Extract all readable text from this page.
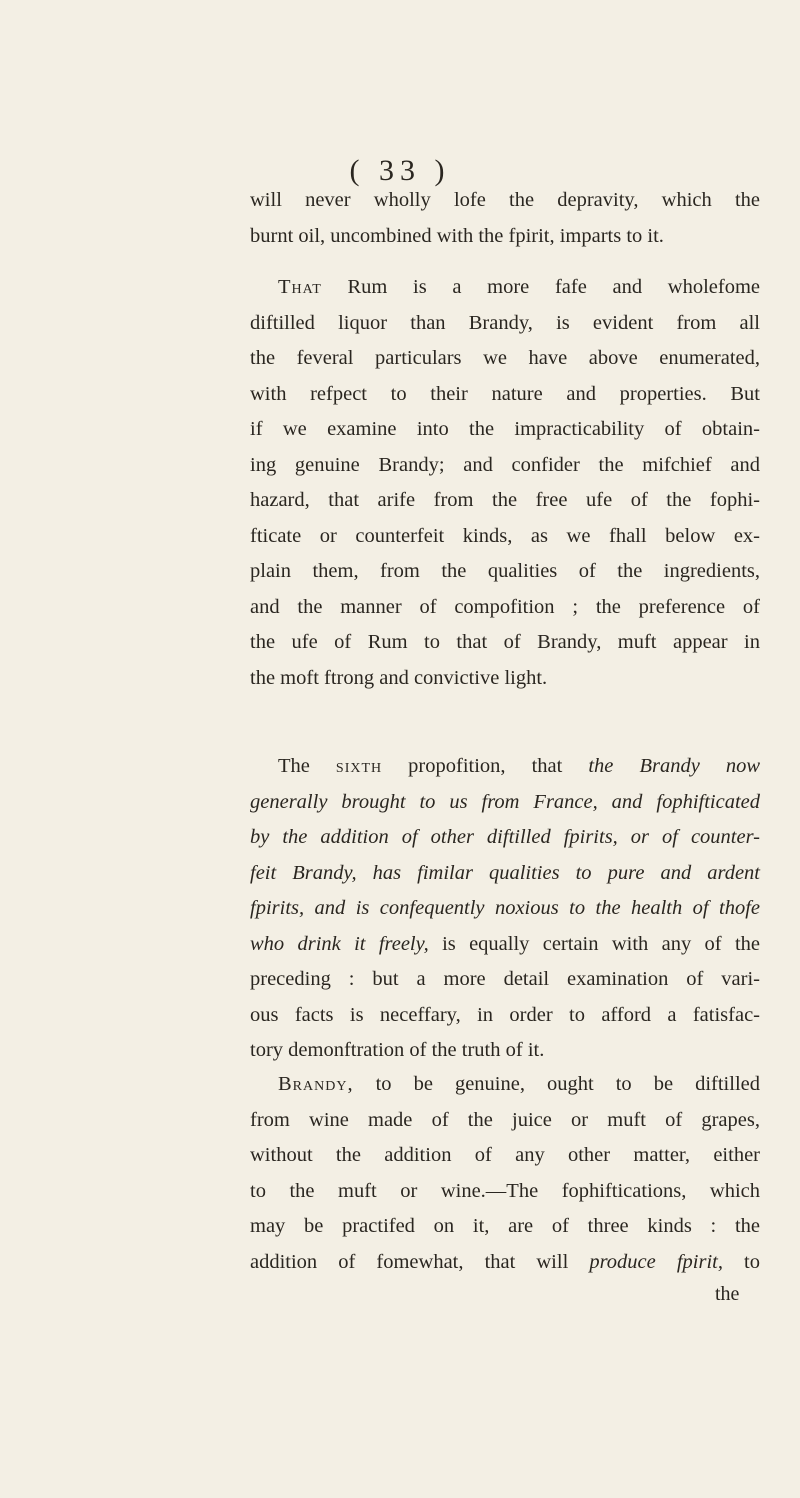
( 33 )
will never wholly lofe the depravity, which the
burnt oil, uncombined with the fpirit, imparts to it.
That Rum is a more fafe and wholefome
diftilled liquor than Brandy, is evident from all
the feveral particulars we have above enumerated,
with refpect to their nature and properties. But
if we examine into the impracticability of obtain-
ing genuine Brandy; and confider the mifchief and
hazard, that arife from the free ufe of the fophi-
fticate or counterfeit kinds, as we fhall below ex-
plain them, from the qualities of the ingredients,
and the manner of compofition ; the preference of
the ufe of Rum to that of Brandy, muft appear in
the moft ftrong and convictive light.
The sixth propofition, that the Brandy now
generally brought to us from France, and fophifticated
by the addition of other diftilled fpirits, or of counter-
feit Brandy, has fimilar qualities to pure and ardent
fpirits, and is confequently noxious to the health of thofe
who drink it freely, is equally certain with any of the
preceding : but a more detail examination of vari-
ous facts is neceffary, in order to afford a fatisfac-
tory demonftration of the truth of it.
Brandy, to be genuine, ought to be diftilled
from wine made of the juice or muft of grapes,
without the addition of any other matter, either
to the muft or wine.—The fophiftications, which
may be practifed on it, are of three kinds : the
addition of fomewhat, that will produce fpirit, to
the
